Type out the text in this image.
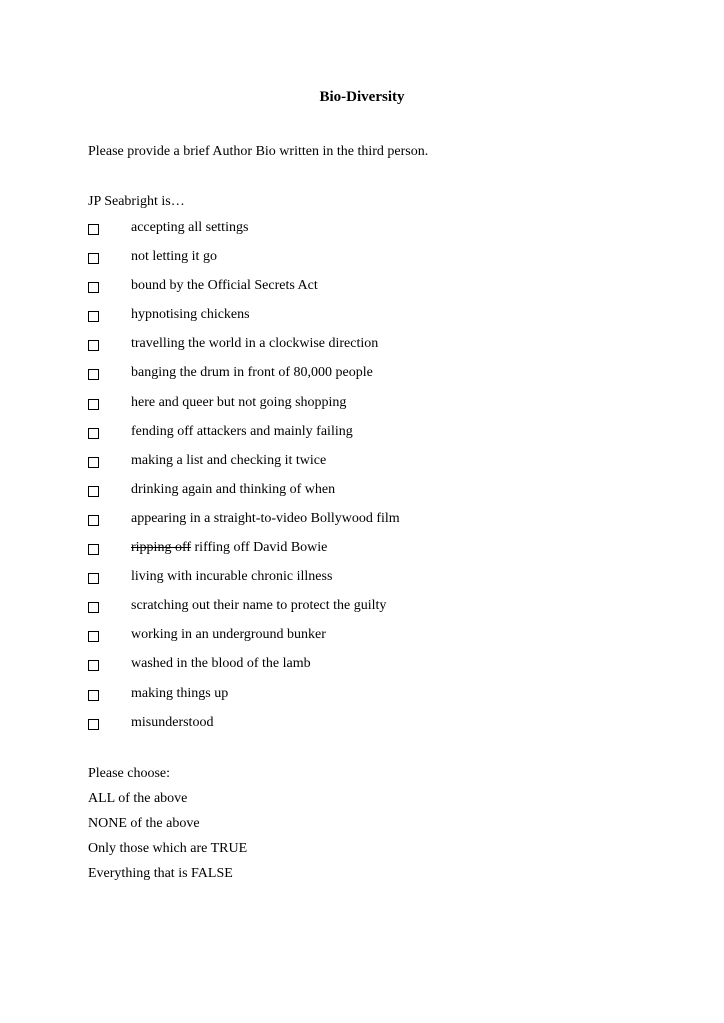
Bio-Diversity
Please provide a brief Author Bio written in the third person.
JP Seabright is…
accepting all settings
not letting it go
bound by the Official Secrets Act
hypnotising chickens
travelling the world in a clockwise direction
banging the drum in front of 80,000 people
here and queer but not going shopping
fending off attackers and mainly failing
making a list and checking it twice
drinking again and thinking of when
appearing in a straight-to-video Bollywood film
ripping off riffing off David Bowie
living with incurable chronic illness
scratching out their name to protect the guilty
working in an underground bunker
washed in the blood of the lamb
making things up
misunderstood
Please choose:
ALL of the above
NONE of the above
Only those which are TRUE
Everything that is FALSE
